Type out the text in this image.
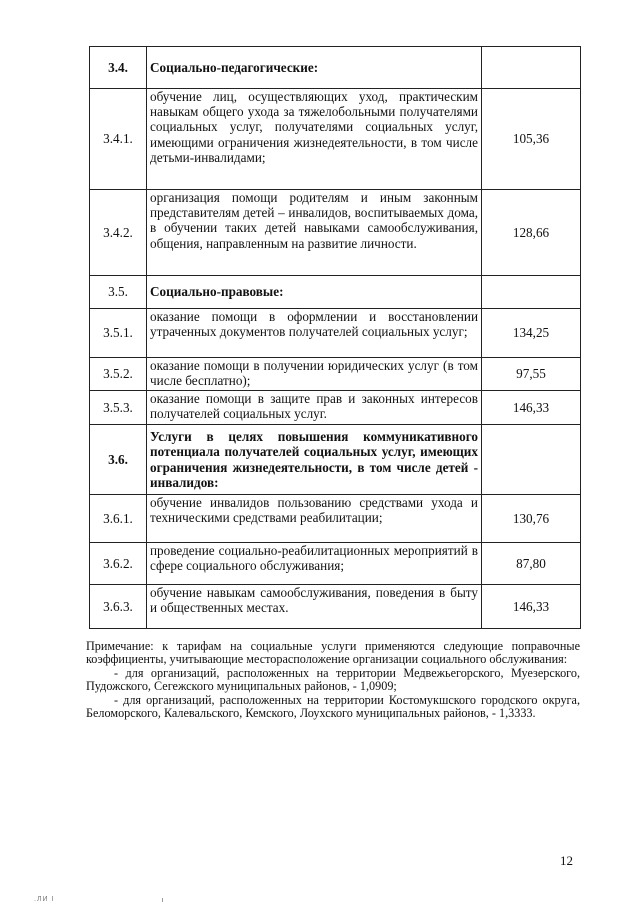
3.4.	Социально-педагогические:	
3.4.1.	обучение лиц, осуществляющих уход, практическим навыкам общего ухода за тяжелобольными получателями социальных услуг, получателями социальных услуг, имеющими ограничения жизнедеятельности, в том числе детьми-инвалидами;	105,36
3.4.2.	организация помощи родителям и иным законным представителям детей – инвалидов, воспитываемых дома, в обучении таких детей навыками самообслуживания, общения, направленным на развитие личности.	128,66
3.5.	Социально-правовые:	
3.5.1.	оказание помощи в оформлении и восстановлении утраченных документов получателей социальных услуг;	134,25
3.5.2.	оказание помощи в получении юридических услуг (в том числе бесплатно);	97,55
3.5.3.	оказание помощи в защите прав и законных интересов получателей социальных услуг.	146,33
3.6.	Услуги в целях повышения коммуникативного потенциала получателей социальных услуг, имеющих ограничения жизнедеятельности, в том числе детей - инвалидов:	
3.6.1.	обучение инвалидов пользованию средствами ухода и техническими средствами реабилитации;	130,76
3.6.2.	проведение социально-реабилитационных мероприятий в сфере социального обслуживания;	87,80
3.6.3.	обучение навыкам самообслуживания, поведения в быту и общественных местах.	146,33

Примечание: к тарифам на социальные услуги применяются следующие поправочные коэффициенты, учитывающие месторасположение организации социального обслуживания:

- для организаций, расположенных на территории Медвежьегорского, Муезерского, Пудожского, Сегежского муниципальных районов, - 1,0909;

- для организаций, расположенных на территории Костомукшского городского округа, Беломорского, Калевальского, Кемского, Лоухского муниципальных районов, - 1,3333.

12
.ЛИ I
